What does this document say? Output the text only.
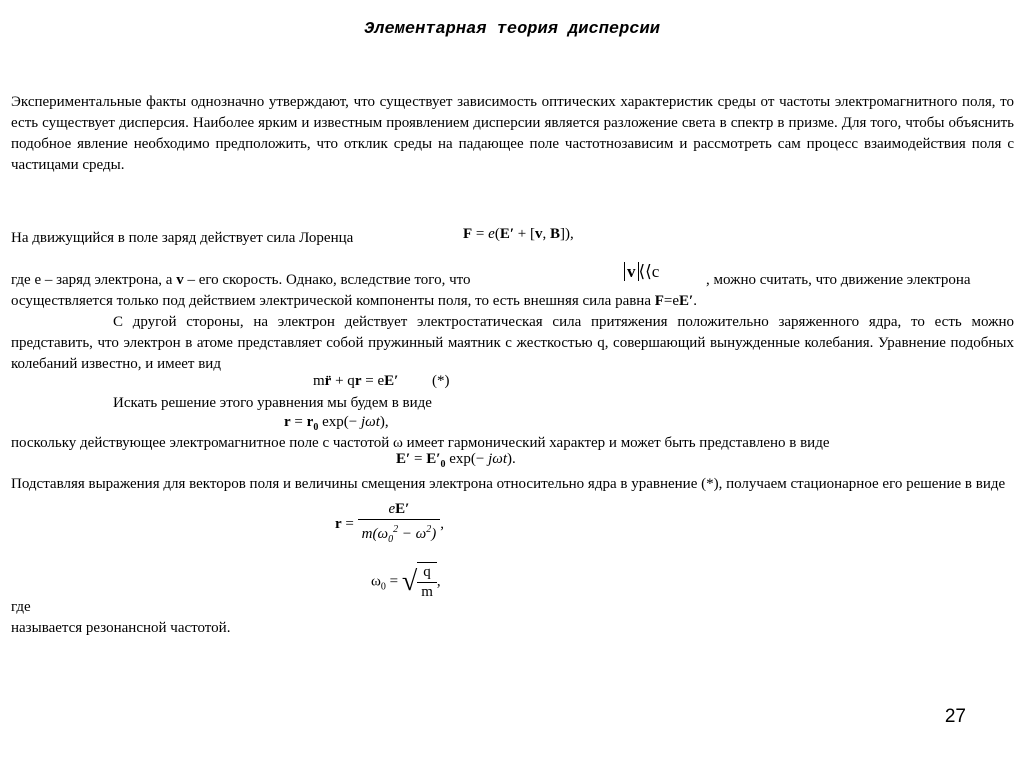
Элементарная теория дисперсии
Экспериментальные факты однозначно утверждают, что существует зависимость оптических характеристик среды от частоты электромагнитного поля, то есть существует дисперсия. Наиболее ярким и известным проявлением дисперсии является разложение света в спектр в призме. Для того, чтобы объяснить подобное явление необходимо предположить, что отклик среды на падающее поле частотнозависим и рассмотреть сам процесс взаимодействия поля с частицами среды.
На движущийся в поле заряд действует сила Лоренца	F = e(E′ + [v, B]),
где е – заряд электрона, а v – его скорость. Однако, вследствие того, что	v ⟨⟨c	, можно считать, что движение электрона
осуществляется только под действием электрической компоненты поля, то есть внешняя сила равна F=eE′.
С другой стороны, на электрон действует электростатическая сила притяжения положительно заряженного ядра, то есть можно представить, что электрон в атоме представляет собой пружинный маятник с жесткостью q, совершающий вынужденные колебания. Уравнение подобных колебаний известно, и имеет вид
mr̈ + qr = eE′ (*)
Искать решение этого уравнения мы будем в виде
$r = r_0$ exp(− jωt),
поскольку действующее электромагнитное поле с частотой ω имеет гармонический характер и может быть представлено в виде
$E' = E'_0$ exp(− jωt).
Подставляя выражения для векторов поля и величины смещения электрона относительно ядра в уравнение (*), получаем стационарное его решение в виде
$r = \frac{eE'}{m(\omega_0^2 - \omega^2)}$ ,
$\omega_0$ = √ $\frac{q}{m}$ ,
где
называется резонансной частотой.
27
